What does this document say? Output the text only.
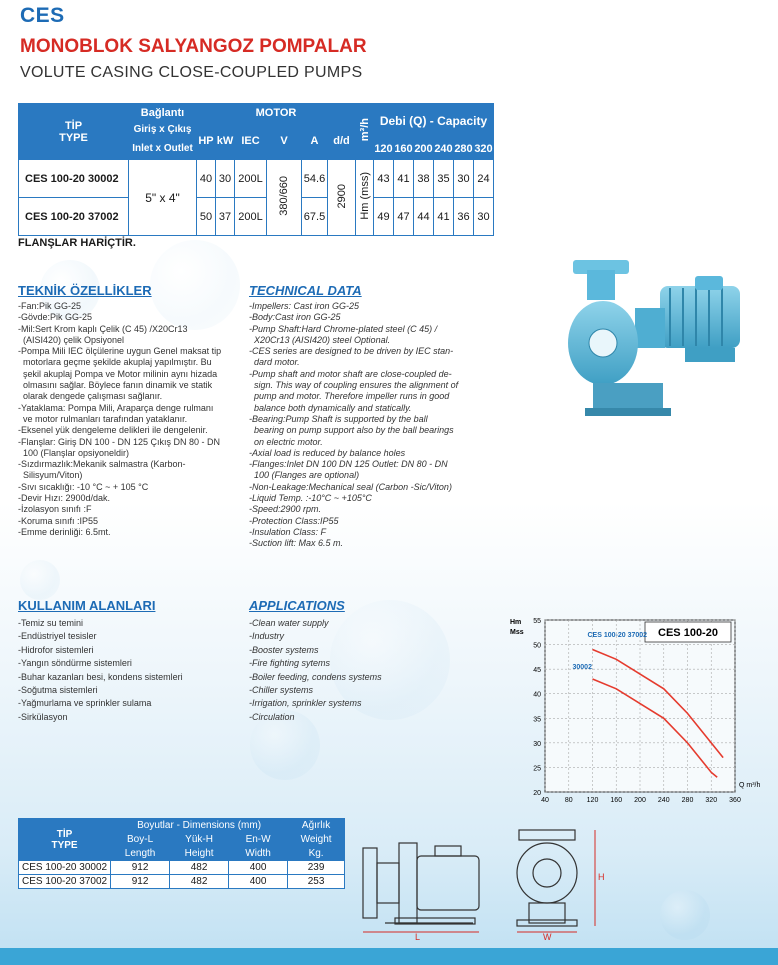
CES
MONOBLOK SALYANGOZ POMPALAR
VOLUTE CASING CLOSE-COUPLED PUMPS
TİP
TYPE	Bağlantı	MOTOR						m³/h	Debi (Q) - Capacity					
	Giriş x Çıkış	HP	kW	IEC	V	A	d/d							
	Inlet x Outlet								120	160	200	240	280	320
CES 100-20 30002	5" x 4"	40	30	200L	380/660	54.6	2900	Hm (mss)	43	41	38	35	30	24
CES 100-20 37002		50	37	200L		67.5			49	47	44	41	36	30
FLANŞLAR HARİÇTİR.
TEKNİK ÖZELLİKLER
-Fan:Pik GG-25
-Gövde:Pik GG-25
-Mil:Sert Krom kaplı Çelik (C 45) /X20Cr13
(AISI420) çelik Opsiyonel
-Pompa Mili IEC ölçülerine uygun Genel maksat tip
motorlara geçme şekilde akuplaj yapılmıştır. Bu
şekil akuplaj Pompa ve Motor milinin aynı hizada
olmasını sağlar. Böylece fanın dinamik ve statik
olarak dengede çalışması sağlanır.
-Yataklama: Pompa Mili, Araparça denge rulmanı
ve motor rulmanları tarafından yataklanır.
-Eksenel yük dengeleme delikleri ile dengelenir.
-Flanşlar: Giriş DN 100 - DN 125 Çıkış DN 80 - DN
100 (Flanşlar opsiyoneldir)
-Sızdırmazlık:Mekanik salmastra (Karbon-
Silisyum/Viton)
-Sıvı sıcaklığı: -10 °C ~ + 105 °C
-Devir Hızı: 2900d/dak.
-İzolasyon sınıfı :F
-Koruma sınıfı :IP55
-Emme derinliği: 6.5mt.
TECHNICAL DATA
-Impellers: Cast iron GG-25
-Body:Cast iron GG-25
-Pump Shaft:Hard Chrome-plated steel (C 45) /
X20Cr13 (AISI420) steel Optional.
-CES series are designed to be driven by IEC stan-
dard motor.
-Pump shaft and motor shaft are close-coupled de-
sign. This way of coupling ensures the alignment of
pump and motor. Therefore impeller runs in good
balance both dynamically and statically.
-Bearing:Pump Shaft is supported by the ball
bearing on pump support also by the ball bearings
on electric motor.
-Axial load is reduced by balance holes
-Flanges:Inlet DN 100 DN 125 Outlet: DN 80 - DN
100 (Flanges are optional)
-Non-Leakage:Mechanical seal (Carbon -Sic/Viton)
-Liquid Temp. :-10°C ~ +105°C
-Speed:2900 rpm.
-Protection Class:IP55
-Insulation Class: F
-Suction lift: Max 6.5 m.
KULLANIM ALANLARI
-Temiz su temini
-Endüstriyel tesisler
-Hidrofor sistemleri
-Yangın söndürme sistemleri
-Buhar kazanları besi, kondens sistemleri
-Soğutma sistemleri
-Yağmurlama ve sprinkler sulama
-Sirkülasyon
APPLICATIONS
-Clean water supply
-Industry
-Booster systems
-Fire fighting sytems
-Boiler feeding, condens systems
-Chiller systems
-Irrigation, sprinkler systems
-Circulation
40 80 120 160 200 240 280 320 360
20
25
30
35
40
45
50
55
Hm
Mss
Q m³/h
CES 100-20
CES 100-20 37002
30002
TİP
TYPE	Boyutlar - Dimensions (mm)			Ağırlık
	Boy-L	Yük-H	En-W	Weight
	Length	Height	Width	Kg.
CES 100-20 30002	912	482	400	239
CES 100-20 37002	912	482	400	253
L	W
H
